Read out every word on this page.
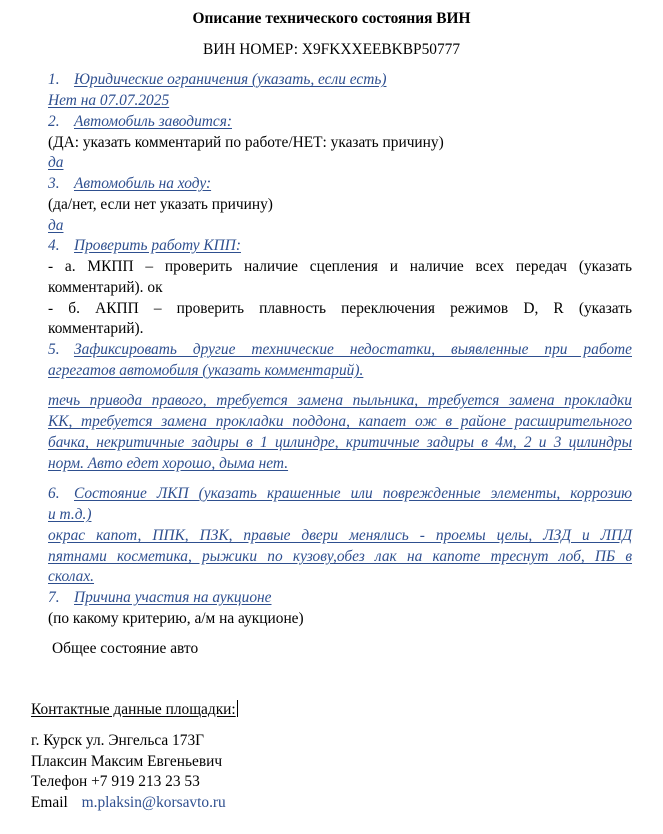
Описание технического состояния ВИН
ВИН НОМЕР: X9FKXXEEBKBP50777
1. Юридические ограничения (указать, если есть)
Нет на 07.07.2025
2. Автомобиль заводится:
(ДА: указать комментарий по работе/НЕТ: указать причину)
да
3. Автомобиль на ходу:
(да/нет, если нет указать причину)
да
4. Проверить работу КПП:
- а. МКПП – проверить наличие сцепления и наличие всех передач (указать
комментарий). ок
- б. АКПП – проверить плавность переключения режимов D, R (указать
комментарий).
5. Зафиксировать другие технические недостатки, выявленные при работе
агрегатов автомобиля (указать комментарий).
течь привода правого, требуется замена пыльника, требуется замена прокладки
КК, требуется замена прокладки поддона, капает ож в районе расширительного
бачка, некритичные задиры в 1 цилиндре, критичные задиры в 4м, 2 и 3 цилиндры
норм. Авто едет хорошо, дыма нет.
6. Состояние ЛКП (указать крашенные или поврежденные элементы, коррозию
и т.д.)
окрас капот, ППК, ПЗК, правые двери менялись - проемы целы, ЛЗД и ЛПД
пятнами косметика, рыжики по кузову,обез лак на капоте треснут лоб, ПБ в
сколах.
7. Причина участия на аукционе
(по какому критерию, а/м на аукционе)
Общее состояние авто
Контактные данные площадки:
г. Курск ул. Энгельса 173Г
Плаксин Максим Евгеньевич
Телефон +7 919 213 23 53
Email m.plaksin@korsavto.ru
